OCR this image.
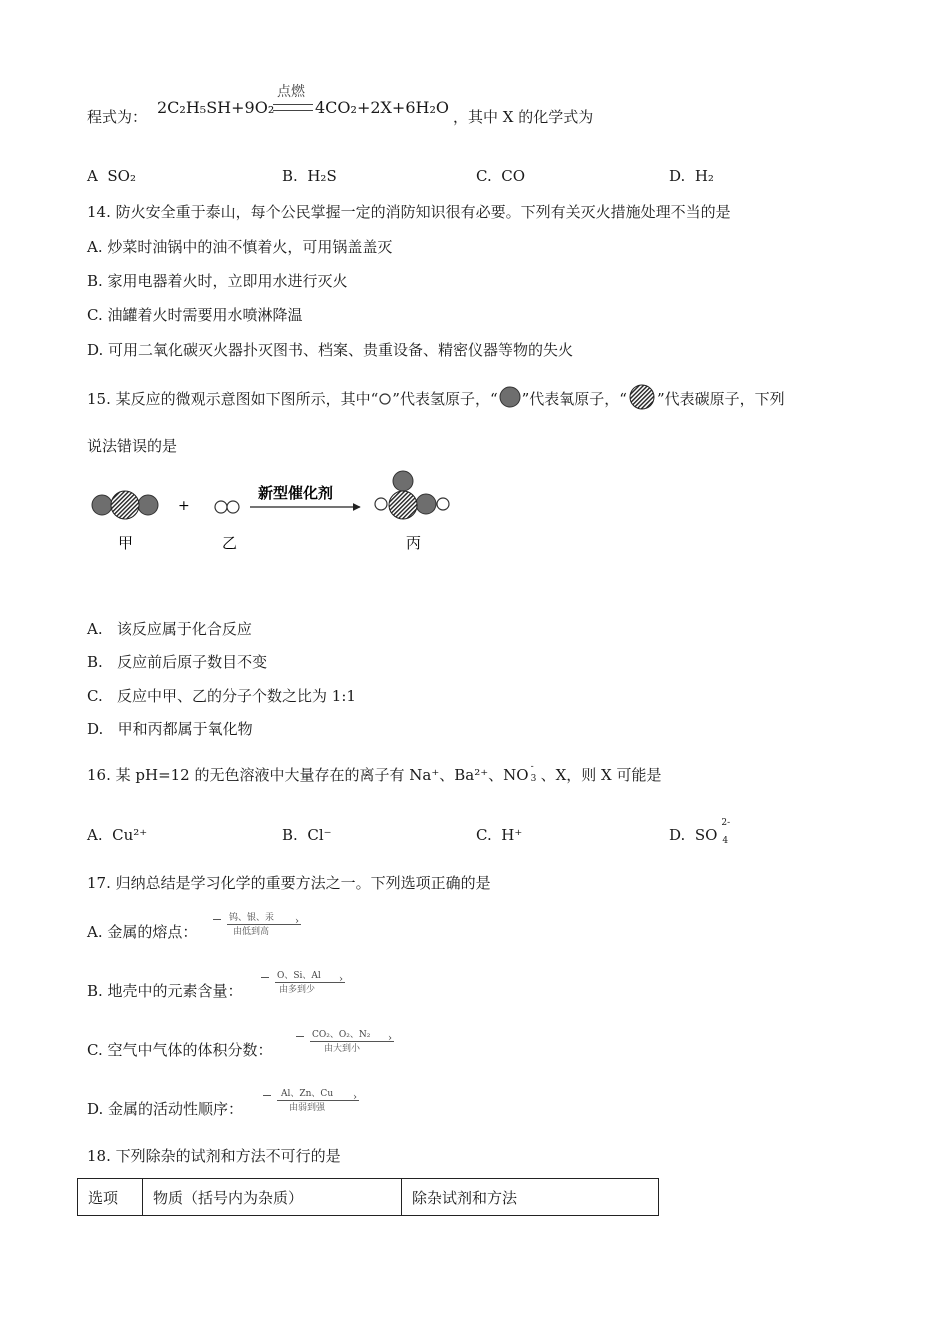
程式为： 2C₂H₅SH+9O₂
点燃
4CO₂+2X+6H₂O ，其中 X 的化学式为
A SO₂	B. H₂S	C. CO	D. H₂
14. 防火安全重于泰山，每个公民掌握一定的消防知识很有必要。下列有关灭火措施处理不当的是
A. 炒菜时油锅中的油不慎着火，可用锅盖盖灭
B. 家用电器着火时，立即用水进行灭火
C. 油罐着火时需要用水喷淋降温
D. 可用二氧化碳灭火器扑灭图书、档案、贵重设备、精密仪器等物的失火
15. 某反应的微观示意图如下图所示，其中“ ”代表氢原子，“ ”代表氧原子，“ ”代表碳原子，下列
说法错误的是
+
新型催化剂
甲	乙	丙
A. 该反应属于化合反应
B. 反应前后原子数目不变
C. 反应中甲、乙的分子个数之比为 1:1
D. 甲和丙都属于氧化物
16. 某 pH=12 的无色溶液中大量存在的离子有 Na⁺、Ba²⁺、NO -
3 、X，则 X 可能是
A. Cu²⁺	B. Cl⁻	C. H⁺	D. SO
2-
4
17. 归纳总结是学习化学的重要方法之一。下列选项正确的是
A. 金属的熔点：
钨、银、汞 ›
由低到高
B. 地壳中的元素含量：
O、Si、Al ›
由多到少
C. 空气中气体的体积分数：
CO₂、O₂、N₂ ›
由大到小
D. 金属的活动性顺序：
Al、Zn、Cu ›
由弱到强
18. 下列除杂的试剂和方法不可行的是
选项	物质（括号内为杂质）	除杂试剂和方法
